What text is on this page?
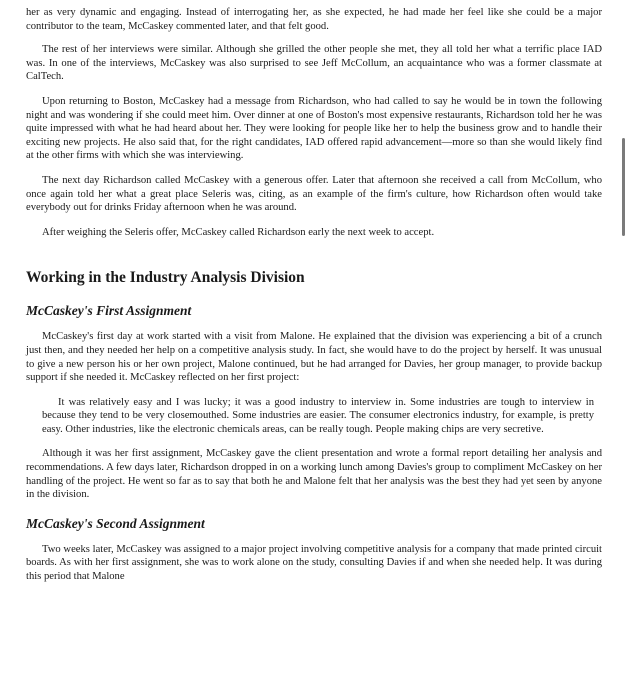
her as very dynamic and engaging. Instead of interrogating her, as she expected, he had made her feel like she could be a major contributor to the team, McCaskey commented later, and that felt good.

The rest of her interviews were similar. Although she grilled the other people she met, they all told her what a terrific place IAD was. In one of the interviews, McCaskey was also surprised to see Jeff McCollum, an acquaintance who was a former classmate at CalTech.

Upon returning to Boston, McCaskey had a message from Richardson, who had called to say he would be in town the following night and was wondering if she could meet him. Over dinner at one of Boston's most expensive restaurants, Richardson told her he was quite impressed with what he had heard about her. They were looking for people like her to help the business grow and to handle their exciting new projects. He also said that, for the right candidates, IAD offered rapid advancement—more so than she would likely find at the other firms with which she was interviewing.

The next day Richardson called McCaskey with a generous offer. Later that afternoon she received a call from McCollum, who once again told her what a great place Seleris was, citing, as an example of the firm's culture, how Richardson often would take everybody out for drinks Friday afternoon when he was around.

After weighing the Seleris offer, McCaskey called Richardson early the next week to accept.

Working in the Industry Analysis Division
McCaskey's First Assignment

McCaskey's first day at work started with a visit from Malone. He explained that the division was experiencing a bit of a crunch just then, and they needed her help on a competitive analysis study. In fact, she would have to do the project by herself. It was unusual to give a new person his or her own project, Malone continued, but he had arranged for Davies, her group manager, to provide backup support if she needed it. McCaskey reflected on her first project:

It was relatively easy and I was lucky; it was a good industry to interview in. Some industries are tough to interview in because they tend to be very closemouthed. Some industries are easier. The consumer electronics industry, for example, is pretty easy. Other industries, like the electronic chemicals areas, can be really tough. People making chips are very secretive.

Although it was her first assignment, McCaskey gave the client presentation and wrote a formal report detailing her analysis and recommendations. A few days later, Richardson dropped in on a working lunch among Davies's group to compliment McCaskey on her handling of the project. He went so far as to say that both he and Malone felt that her analysis was the best they had yet seen by anyone in the division.

McCaskey's Second Assignment

Two weeks later, McCaskey was assigned to a major project involving competitive analysis for a company that made printed circuit boards. As with her first assignment, she was to work alone on the study, consulting Davies if and when she needed help. It was during this period that Malone
